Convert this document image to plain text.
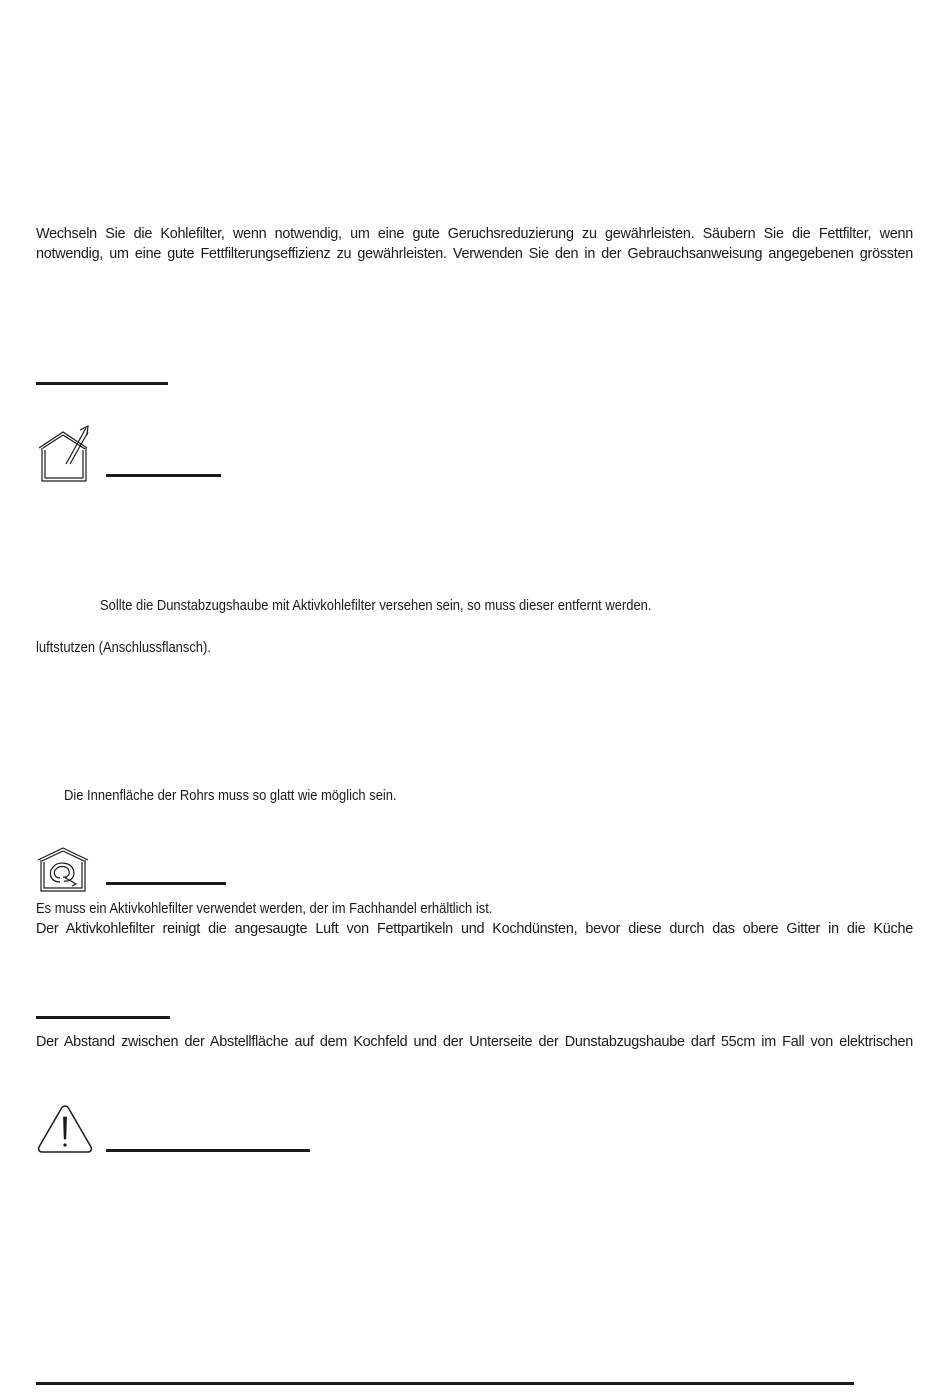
Wechseln Sie die Kohlefilter, wenn notwendig, um eine gute Geruchsreduzierung zu gewährleisten. Säubern Sie die Fettfilter, wenn
notwendig, um eine gute Fettfilterungseffizienz zu gewährleisten. Verwenden Sie den in der Gebrauchsanweisung angegebenen grössten
Sollte die Dunstabzugshaube mit Aktivkohlefilter versehen sein, so muss dieser entfernt werden.
luftstutzen (Anschlussflansch).
Die Innenfläche der Rohrs muss so glatt wie möglich sein.
Es muss ein Aktivkohlefilter verwendet werden, der im Fachhandel erhältlich ist.
Der Aktivkohlefilter reinigt die angesaugte Luft von Fettpartikeln und Kochdünsten, bevor diese durch das obere Gitter in die Küche
Der Abstand zwischen der Abstellfläche auf dem Kochfeld und der Unterseite der Dunstabzugshaube darf 55cm im Fall von elektrischen
